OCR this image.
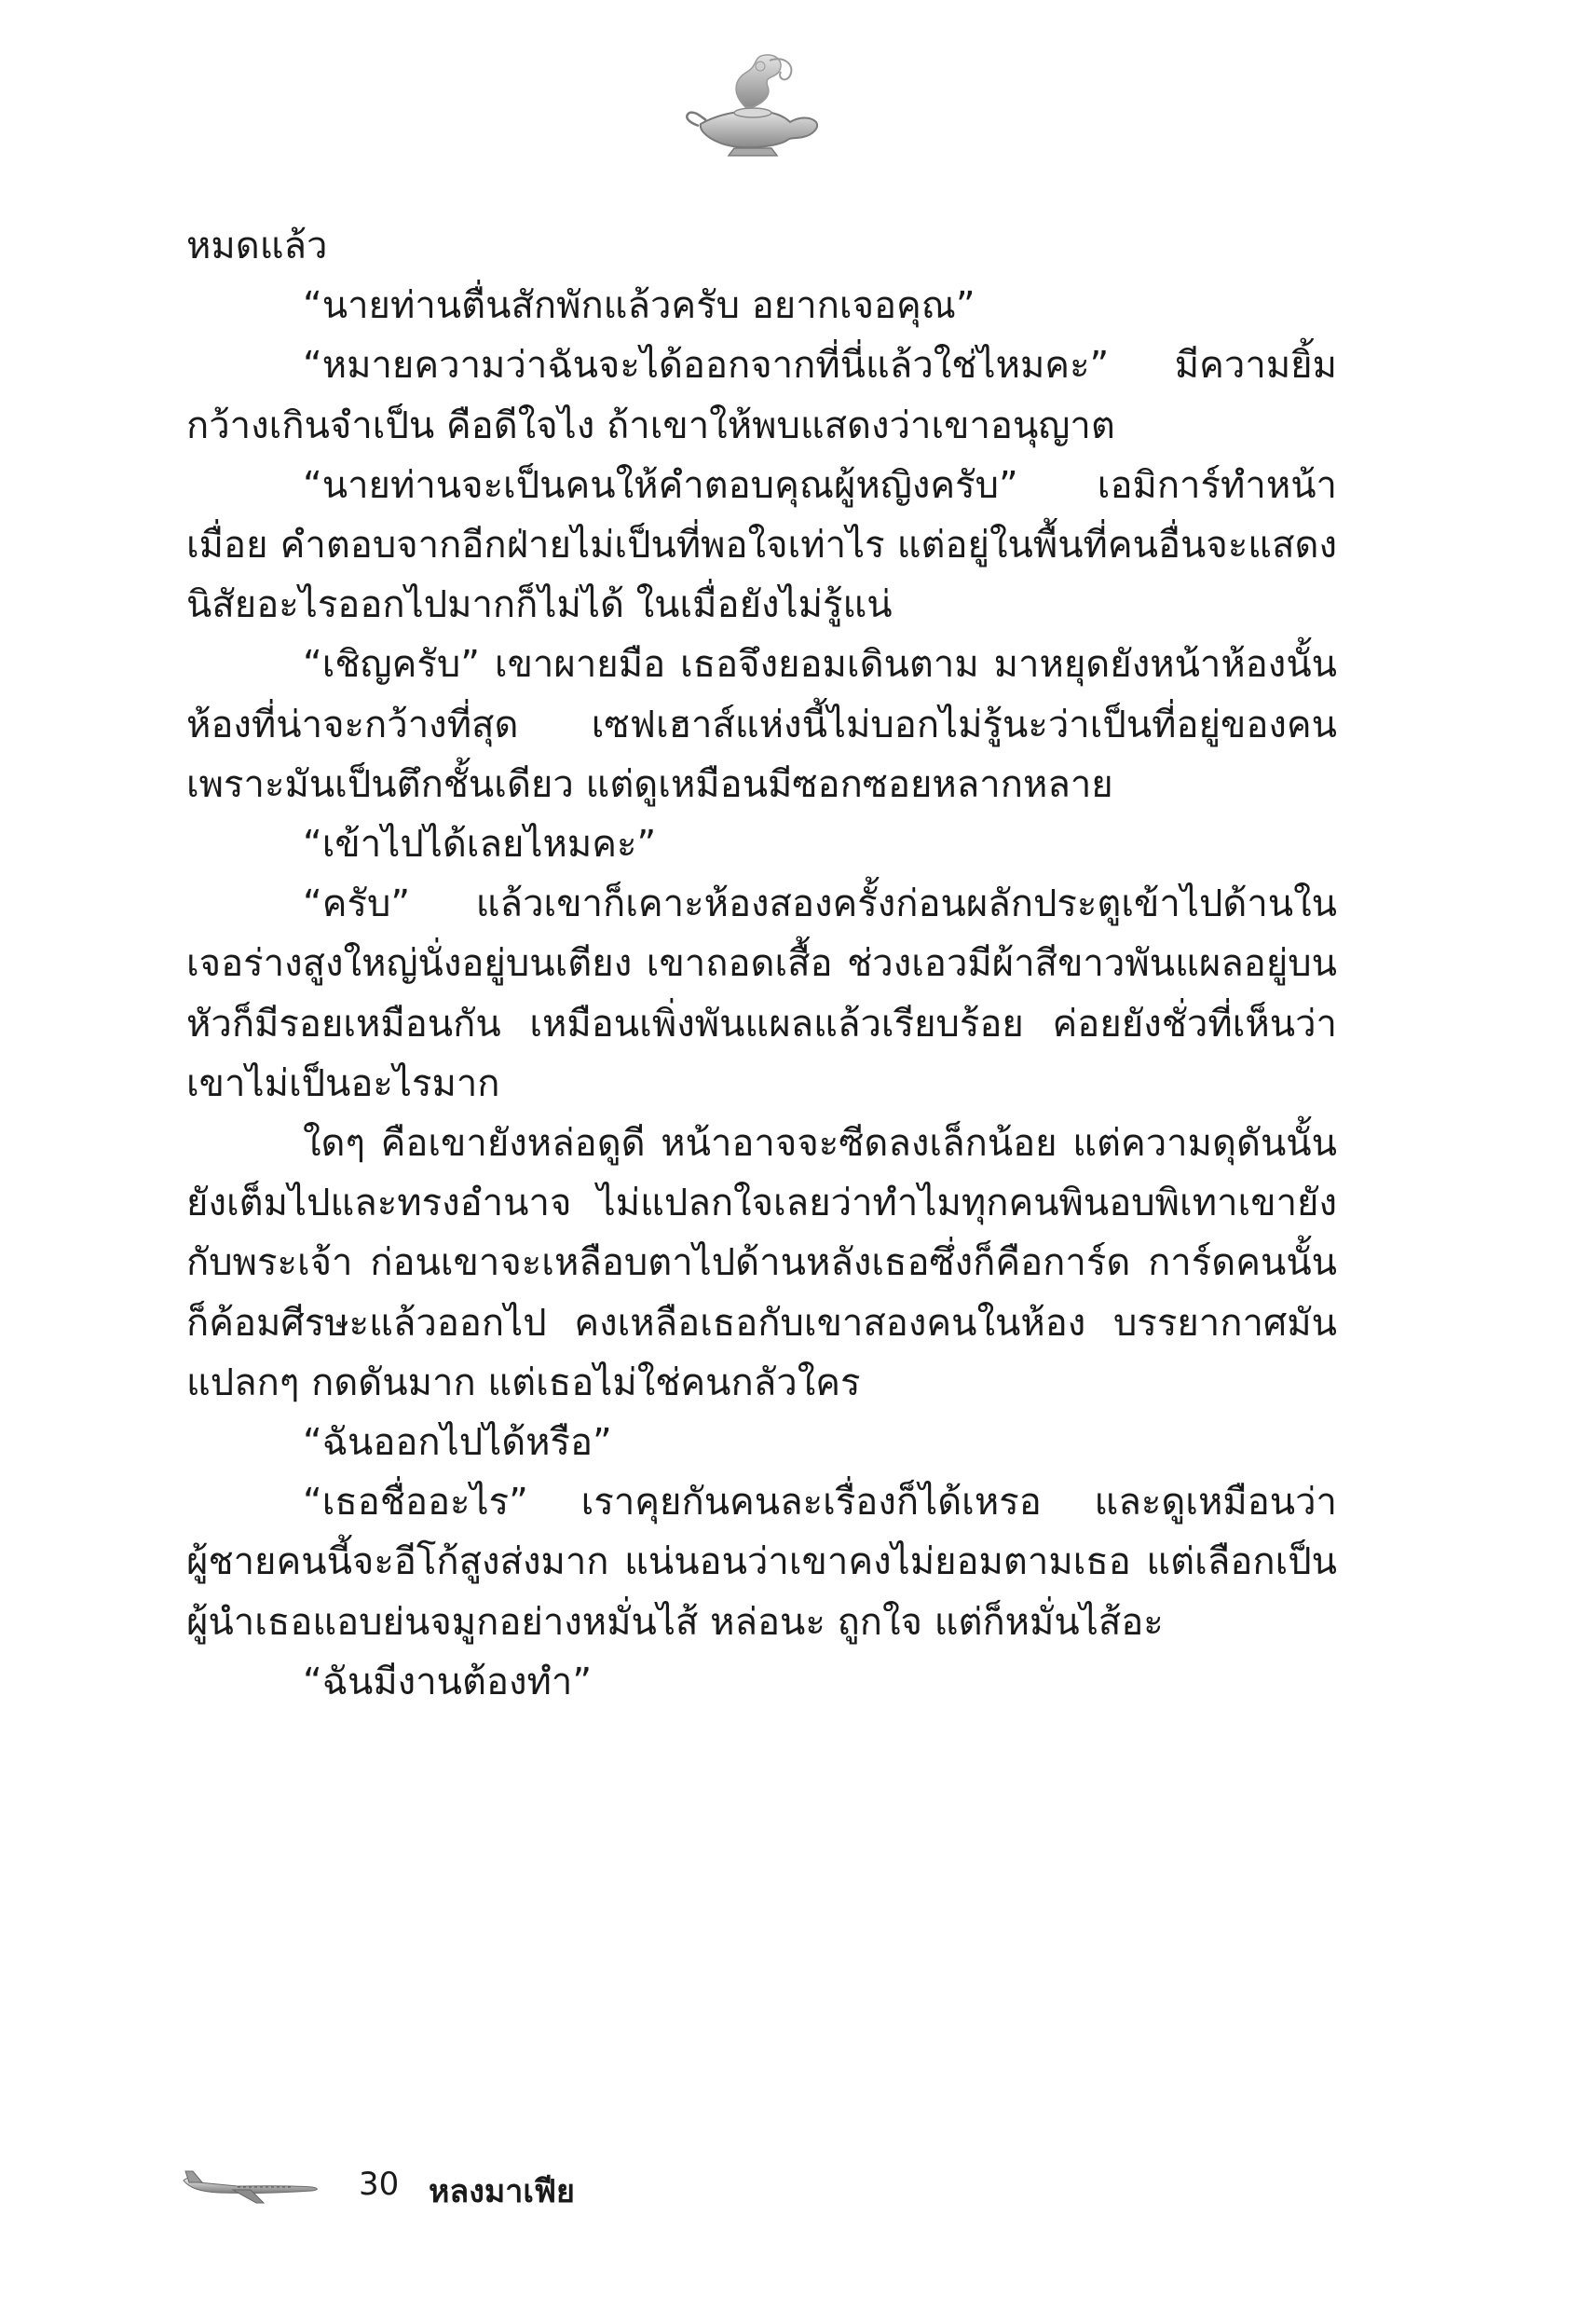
หมดแล้ว

“นายท่านตื่นสักพักแล้วครับ อยากเจอคุณ”

“หมายความว่าฉันจะได้ออกจากที่นี่แล้วใช่ไหมคะ” มีความยิ้มกว้างเกินจำเป็น คือดีใจไง ถ้าเขาให้พบแสดงว่าเขาอนุญาต

“นายท่านจะเป็นคนให้คำตอบคุณผู้หญิงครับ” เอมิการ์ทำหน้าเมื่อย คำตอบจากอีกฝ่ายไม่เป็นที่พอใจเท่าไร แต่อยู่ในพื้นที่คนอื่นจะแสดงนิสัยอะไรออกไปมากก็ไม่ได้ ในเมื่อยังไม่รู้แน่

“เชิญครับ” เขาผายมือ เธอจึงยอมเดินตาม มาหยุดยังหน้าห้องนั้น ห้องที่น่าจะกว้างที่สุด เซฟเฮาส์แห่งนี้ไม่บอกไม่รู้นะว่าเป็นที่อยู่ของคน เพราะมันเป็นตึกชั้นเดียว แต่ดูเหมือนมีซอกซอยหลากหลาย

“เข้าไปได้เลยไหมคะ”

“ครับ” แล้วเขาก็เคาะห้องสองครั้งก่อนผลักประตูเข้าไปด้านในเจอร่างสูงใหญ่นั่งอยู่บนเตียง เขาถอดเสื้อ ช่วงเอวมีผ้าสีขาวพันแผลอยู่บนหัวก็มีรอยเหมือนกัน เหมือนเพิ่งพันแผลแล้วเรียบร้อย ค่อยยังชั่วที่เห็นว่าเขาไม่เป็นอะไรมาก

ใดๆ คือเขายังหล่อดูดี หน้าอาจจะซีดลงเล็กน้อย แต่ความดุดันนั้นยังเต็มไปและทรงอำนาจ ไม่แปลกใจเลยว่าทำไมทุกคนพินอบพิเทาเขายังกับพระเจ้า ก่อนเขาจะเหลือบตาไปด้านหลังเธอซึ่งก็คือการ์ด การ์ดคนนั้นก็ค้อมศีรษะแล้วออกไป คงเหลือเธอกับเขาสองคนในห้อง บรรยากาศมันแปลกๆ กดดันมาก แต่เธอไม่ใช่คนกลัวใคร

“ฉันออกไปได้หรือ”

“เธอชื่ออะไร” เราคุยกันคนละเรื่องก็ได้เหรอ และดูเหมือนว่าผู้ชายคนนี้จะอีโก้สูงส่งมาก แน่นอนว่าเขาคงไม่ยอมตามเธอ แต่เลือกเป็นผู้นำเธอแอบย่นจมูกอย่างหมั่นไส้ หล่อนะ ถูกใจ แต่ก็หมั่นไส้อะ

“ฉันมีงานต้องทำ”

30 หลงมาเฟีย
